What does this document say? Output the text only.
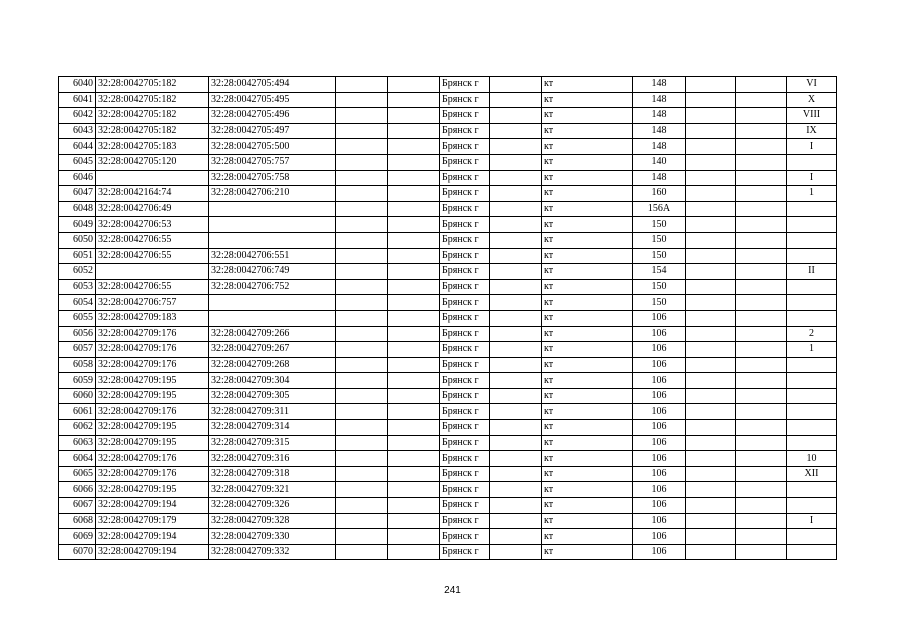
6040	32:28:0042705:182	32:28:0042705:494			Брянск г		кт	148			VI
6041	32:28:0042705:182	32:28:0042705:495			Брянск г		кт	148			X
6042	32:28:0042705:182	32:28:0042705:496			Брянск г		кт	148			VIII
6043	32:28:0042705:182	32:28:0042705:497			Брянск г		кт	148			IX
6044	32:28:0042705:183	32:28:0042705:500			Брянск г		кт	148			I
6045	32:28:0042705:120	32:28:0042705:757			Брянск г		кт	140			
6046		32:28:0042705:758			Брянск г		кт	148			I
6047	32:28:0042164:74	32:28:0042706:210			Брянск г		кт	160			1
6048	32:28:0042706:49				Брянск г		кт	156А			
6049	32:28:0042706:53				Брянск г		кт	150			
6050	32:28:0042706:55				Брянск г		кт	150			
6051	32:28:0042706:55	32:28:0042706:551			Брянск г		кт	150			
6052		32:28:0042706:749			Брянск г		кт	154			II
6053	32:28:0042706:55	32:28:0042706:752			Брянск г		кт	150			
6054	32:28:0042706:757				Брянск г		кт	150			
6055	32:28:0042709:183				Брянск г		кт	106			
6056	32:28:0042709:176	32:28:0042709:266			Брянск г		кт	106			2
6057	32:28:0042709:176	32:28:0042709:267			Брянск г		кт	106			1
6058	32:28:0042709:176	32:28:0042709:268			Брянск г		кт	106			
6059	32:28:0042709:195	32:28:0042709:304			Брянск г		кт	106			
6060	32:28:0042709:195	32:28:0042709:305			Брянск г		кт	106			
6061	32:28:0042709:176	32:28:0042709:311			Брянск г		кт	106			
6062	32:28:0042709:195	32:28:0042709:314			Брянск г		кт	106			
6063	32:28:0042709:195	32:28:0042709:315			Брянск г		кт	106			
6064	32:28:0042709:176	32:28:0042709:316			Брянск г		кт	106			10
6065	32:28:0042709:176	32:28:0042709:318			Брянск г		кт	106			XII
6066	32:28:0042709:195	32:28:0042709:321			Брянск г		кт	106			
6067	32:28:0042709:194	32:28:0042709:326			Брянск г		кт	106			
6068	32:28:0042709:179	32:28:0042709:328			Брянск г		кт	106			I
6069	32:28:0042709:194	32:28:0042709:330			Брянск г		кт	106			
6070	32:28:0042709:194	32:28:0042709:332			Брянск г		кт	106			
241
